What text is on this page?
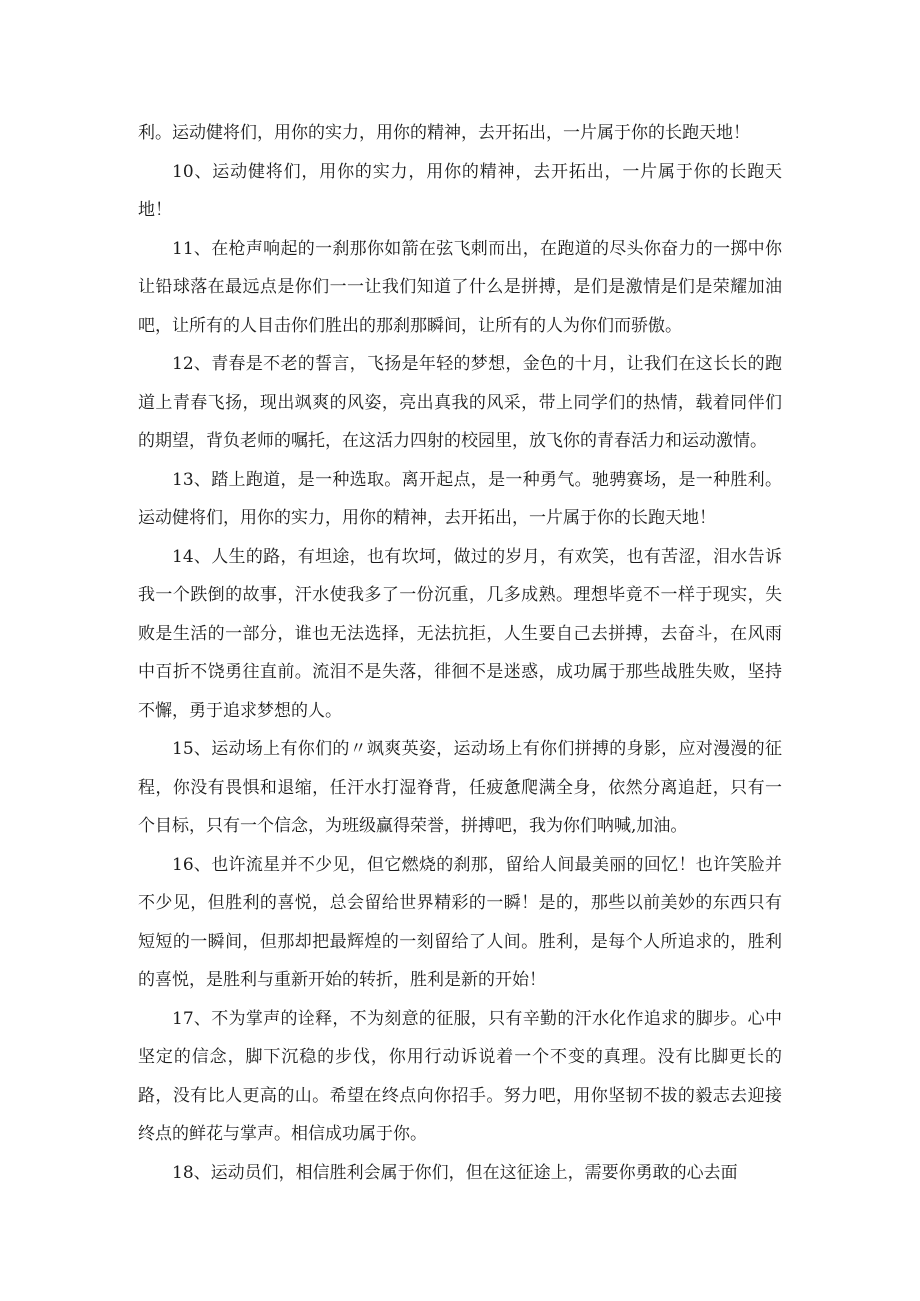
利。运动健将们，用你的实力，用你的精神，去开拓出，一片属于你的长跑天地！

10、运动健将们，用你的实力，用你的精神，去开拓出，一片属于你的长跑天地！

11、在枪声响起的一刹那你如箭在弦飞刺而出，在跑道的尽头你奋力的一掷中你让铅球落在最远点是你们一一让我们知道了什么是拼搏，是们是激情是们是荣耀加油吧，让所有的人目击你们胜出的那刹那瞬间，让所有的人为你们而骄傲。

12、青春是不老的誓言，飞扬是年轻的梦想，金色的十月，让我们在这长长的跑道上青春飞扬，现出飒爽的风姿，亮出真我的风采，带上同学们的热情，载着同伴们的期望，背负老师的嘱托，在这活力四射的校园里，放飞你的青春活力和运动激情。

13、踏上跑道，是一种选取。离开起点，是一种勇气。驰骋赛场，是一种胜利。运动健将们，用你的实力，用你的精神，去开拓出，一片属于你的长跑天地！

14、人生的路，有坦途，也有坎坷，做过的岁月，有欢笑，也有苦涩，泪水告诉我一个跌倒的故事，汗水使我多了一份沉重，几多成熟。理想毕竟不一样于现实，失败是生活的一部分，谁也无法选择，无法抗拒，人生要自己去拼搏，去奋斗，在风雨中百折不饶勇往直前。流泪不是失落，徘徊不是迷惑，成功属于那些战胜失败，坚持不懈，勇于追求梦想的人。

15、运动场上有你们的〃飒爽英姿，运动场上有你们拼搏的身影，应对漫漫的征程，你没有畏惧和退缩，任汗水打湿脊背，任疲惫爬满全身，依然分离追赶，只有一个目标，只有一个信念，为班级赢得荣誉，拼搏吧，我为你们呐喊,加油。

16、也许流星并不少见，但它燃烧的刹那，留给人间最美丽的回忆！也许笑脸并不少见，但胜利的喜悦，总会留给世界精彩的一瞬！是的，那些以前美妙的东西只有短短的一瞬间，但那却把最辉煌的一刻留给了人间。胜利，是每个人所追求的，胜利的喜悦，是胜利与重新开始的转折，胜利是新的开始！

17、不为掌声的诠释，不为刻意的征服，只有辛勤的汗水化作追求的脚步。心中坚定的信念，脚下沉稳的步伐，你用行动诉说着一个不变的真理。没有比脚更长的路，没有比人更高的山。希望在终点向你招手。努力吧，用你坚韧不拔的毅志去迎接终点的鲜花与掌声。相信成功属于你。

18、运动员们，相信胜利会属于你们，但在这征途上，需要你勇敢的心去面
